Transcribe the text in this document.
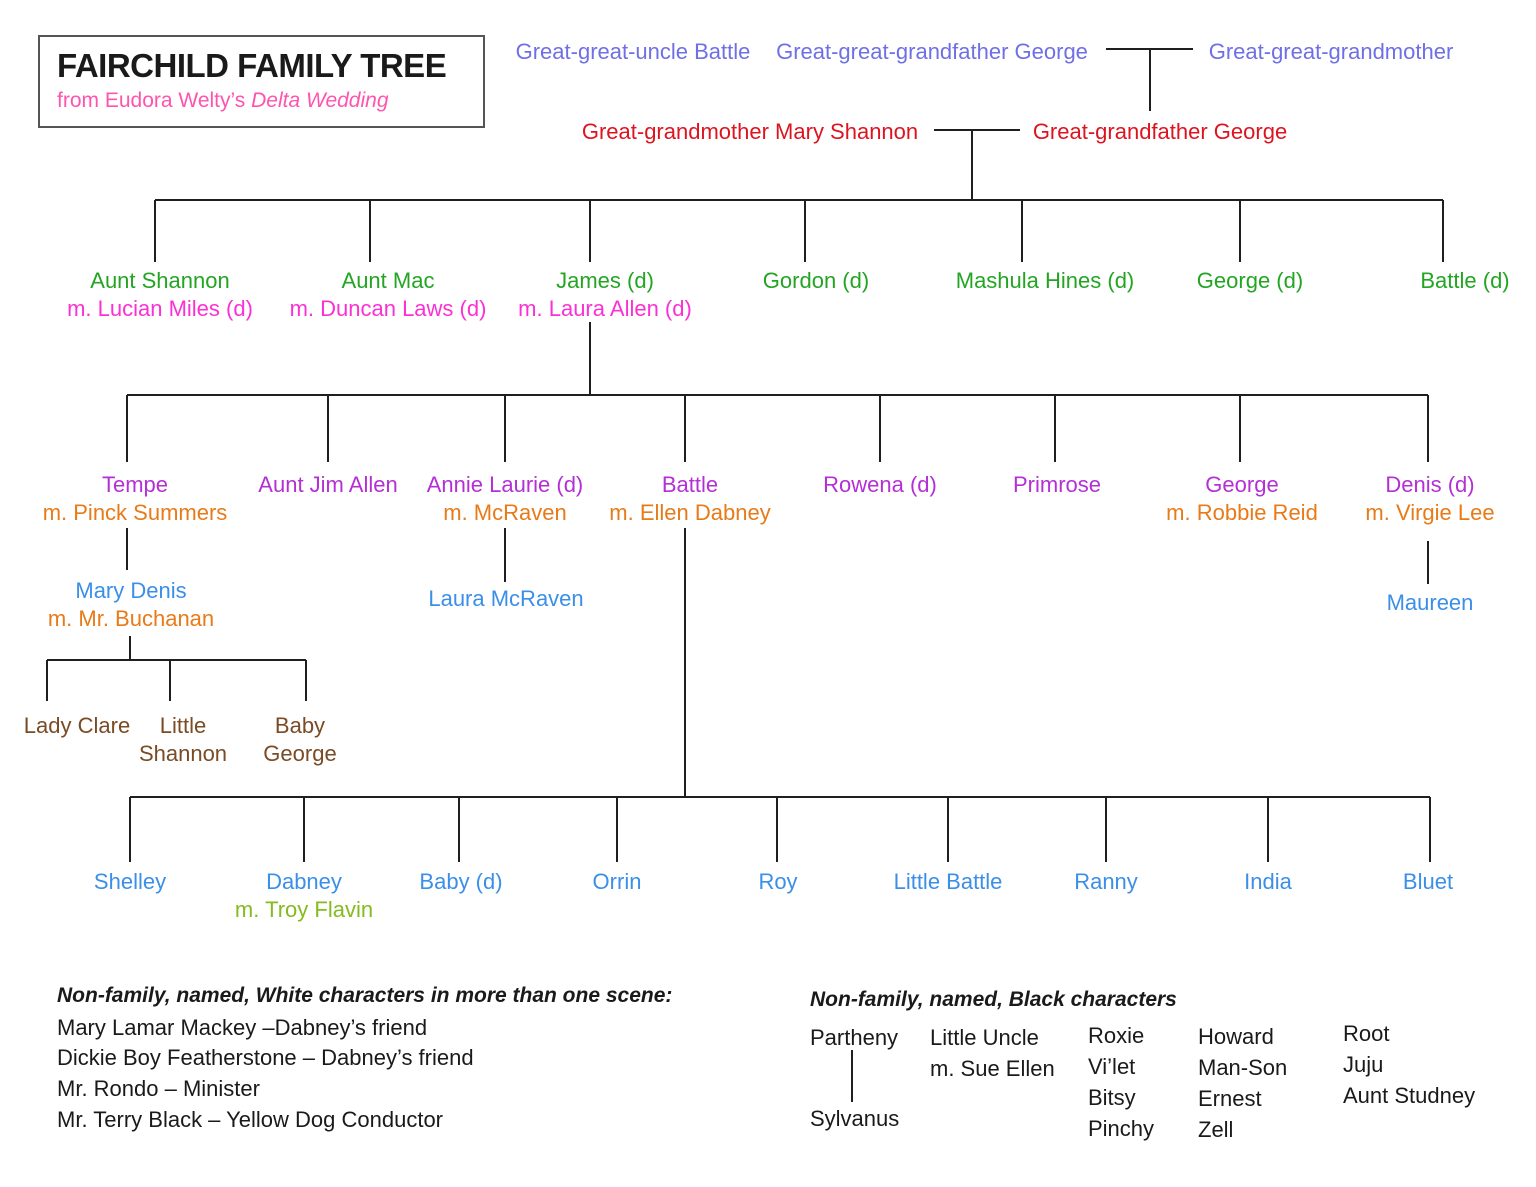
FAIRCHILD FAMILY TREE
from Eudora Welty’s Delta Wedding
Great-great-uncle Battle Great-great-grandfather George	Great-great-grandmother
Great-grandmother Mary Shannon	Great-grandfather George
Aunt Shannon
m. Lucian Miles (d)
Aunt Mac
m. Duncan Laws (d)
James (d)
m. Laura Allen (d)
Gordon (d)	Mashula Hines (d)	George (d)	Battle (d)
Tempe
m. Pinck Summers
Aunt Jim Allen Annie Laurie (d)
m. McRaven
Battle
m. Ellen Dabney
Rowena (d)	Primrose	George
m. Robbie Reid
Denis (d)
m. Virgie Lee
Mary Denis
m. Mr. Buchanan
Laura McRaven	Maureen
Lady Clare	Little
Shannon
Baby
George
Shelley	Dabney
m. Troy Flavin
Baby (d)	Orrin	Roy	Little Battle	Ranny	India	Bluet
Non-family, named, White characters in more than one scene:
Mary Lamar Mackey –Dabney’s friend
Dickie Boy Featherstone – Dabney’s friend
Mr. Rondo – Minister
Mr. Terry Black – Yellow Dog Conductor
Non-family, named, Black characters
Partheny
Sylvanus
Little Uncle
m. Sue Ellen
Roxie
Vi’let
Bitsy
Pinchy
Howard
Man-Son
Ernest
Zell
Root
Juju
Aunt Studney
